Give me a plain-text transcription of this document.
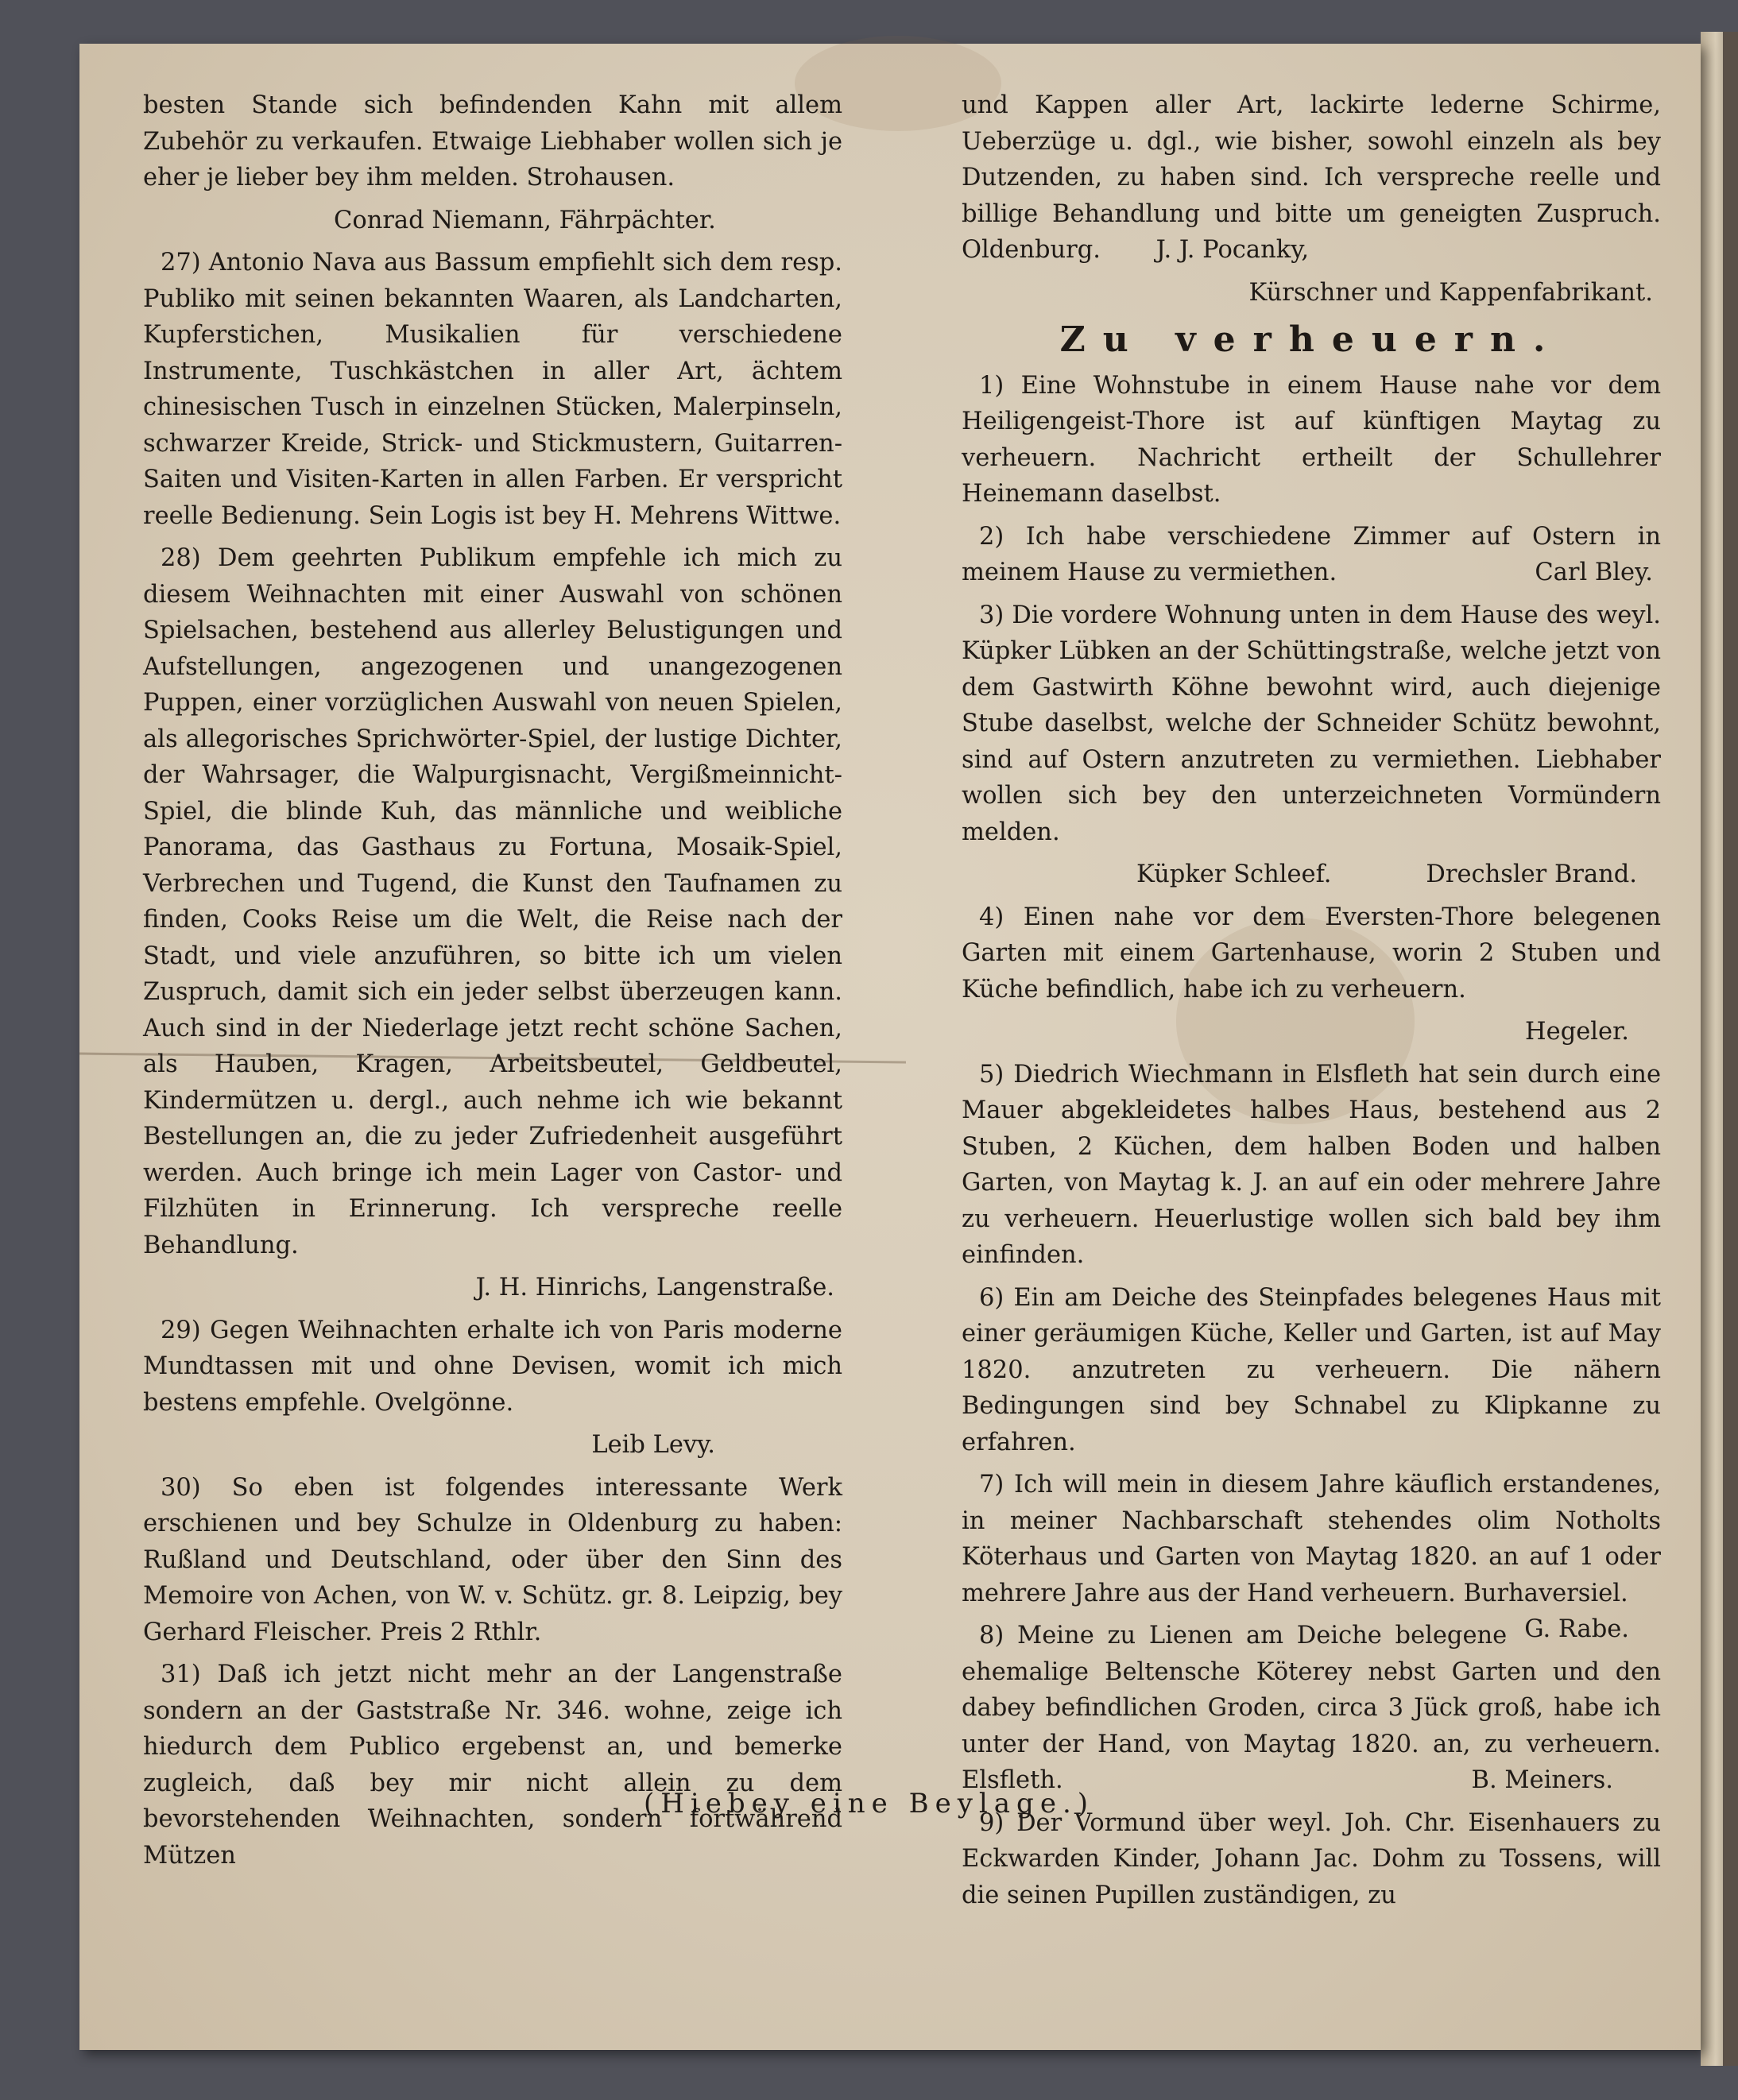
besten Stande sich befindenden Kahn mit allem Zubehör zu verkaufen. Etwaige Liebhaber wollen sich je eher je lieber bey ihm melden. Strohausen.

Conrad Niemann, Fährpächter.

27) Antonio Nava aus Bassum empfiehlt sich dem resp. Publiko mit seinen bekannten Waaren, als Landcharten, Kupferstichen, Musikalien für verschiedene Instrumente, Tuschkästchen in aller Art, ächtem chinesischen Tusch in einzelnen Stücken, Malerpinseln, schwarzer Kreide, Strick- und Stickmustern, Guitarren-Saiten und Visiten-Karten in allen Farben. Er verspricht reelle Bedienung. Sein Logis ist bey H. Mehrens Wittwe.

28) Dem geehrten Publikum empfehle ich mich zu diesem Weihnachten mit einer Auswahl von schönen Spielsachen, bestehend aus allerley Belustigungen und Aufstellungen, angezogenen und unangezogenen Puppen, einer vorzüglichen Auswahl von neuen Spielen, als allegorisches Sprichwörter-Spiel, der lustige Dichter, der Wahrsager, die Walpurgisnacht, Vergißmeinnicht-Spiel, die blinde Kuh, das männliche und weibliche Panorama, das Gasthaus zu Fortuna, Mosaik-Spiel, Verbrechen und Tugend, die Kunst den Taufnamen zu finden, Cooks Reise um die Welt, die Reise nach der Stadt, und viele anzuführen, so bitte ich um vielen Zuspruch, damit sich ein jeder selbst überzeugen kann. Auch sind in der Niederlage jetzt recht schöne Sachen, als Hauben, Kragen, Arbeitsbeutel, Geldbeutel, Kindermützen u. dergl., auch nehme ich wie bekannt Bestellungen an, die zu jeder Zufriedenheit ausgeführt werden. Auch bringe ich mein Lager von Castor- und Filzhüten in Erinnerung. Ich verspreche reelle Behandlung.

J. H. Hinrichs, Langenstraße.

29) Gegen Weihnachten erhalte ich von Paris moderne Mundtassen mit und ohne Devisen, womit ich mich bestens empfehle. Ovelgönne.

Leib Levy.

30) So eben ist folgendes interessante Werk erschienen und bey Schulze in Oldenburg zu haben: Rußland und Deutschland, oder über den Sinn des Memoire von Achen, von W. v. Schütz. gr. 8. Leipzig, bey Gerhard Fleischer. Preis 2 Rthlr.

31) Daß ich jetzt nicht mehr an der Langenstraße sondern an der Gaststraße Nr. 346. wohne, zeige ich hiedurch dem Publico ergebenst an, und bemerke zugleich, daß bey mir nicht allein zu dem bevorstehenden Weihnachten, sondern fortwährend Mützen

und Kappen aller Art, lackirte lederne Schirme, Ueberzüge u. dgl., wie bisher, sowohl einzeln als bey Dutzenden, zu haben sind. Ich verspreche reelle und billige Behandlung und bitte um geneigten Zuspruch. Oldenburg. J. J. Pocanky,

Kürschner und Kappenfabrikant.

Zu verheuern.

1) Eine Wohnstube in einem Hause nahe vor dem Heiligengeist-Thore ist auf künftigen Maytag zu verheuern. Nachricht ertheilt der Schullehrer Heinemann daselbst.

2) Ich habe verschiedene Zimmer auf Ostern in meinem Hause zu vermiethen.	Carl Bley.

3) Die vordere Wohnung unten in dem Hause des weyl. Küpker Lübken an der Schüttingstraße, welche jetzt von dem Gastwirth Köhne bewohnt wird, auch diejenige Stube daselbst, welche der Schneider Schütz bewohnt, sind auf Ostern anzutreten zu vermiethen. Liebhaber wollen sich bey den unterzeichneten Vormündern melden.

Küpker Schleef.	Drechsler Brand.

4) Einen nahe vor dem Eversten-Thore belegenen Garten mit einem Gartenhause, worin 2 Stuben und Küche befindlich, habe ich zu verheuern.

Hegeler.

5) Diedrich Wiechmann in Elsfleth hat sein durch eine Mauer abgekleidetes halbes Haus, bestehend aus 2 Stuben, 2 Küchen, dem halben Boden und halben Garten, von Maytag k. J. an auf ein oder mehrere Jahre zu verheuern. Heuerlustige wollen sich bald bey ihm einfinden.

6) Ein am Deiche des Steinpfades belegenes Haus mit einer geräumigen Küche, Keller und Garten, ist auf May 1820. anzutreten zu verheuern. Die nähern Bedingungen sind bey Schnabel zu Klipkanne zu erfahren.

7) Ich will mein in diesem Jahre käuflich erstandenes, in meiner Nachbarschaft stehendes olim Notholts Köterhaus und Garten von Maytag 1820. an auf 1 oder mehrere Jahre aus der Hand verheuern. Burhaversiel.
G. Rabe.

8) Meine zu Lienen am Deiche belegene ehemalige Beltensche Köterey nebst Garten und den dabey befindlichen Groden, circa 3 Jück groß, habe ich unter der Hand, von Maytag 1820. an, zu verheuern. Elsfleth.	B. Meiners.

9) Der Vormund über weyl. Joh. Chr. Eisenhauers zu Eckwarden Kinder, Johann Jac. Dohm zu Tossens, will die seinen Pupillen zuständigen, zu

(Hiebey eine Beylage.)
